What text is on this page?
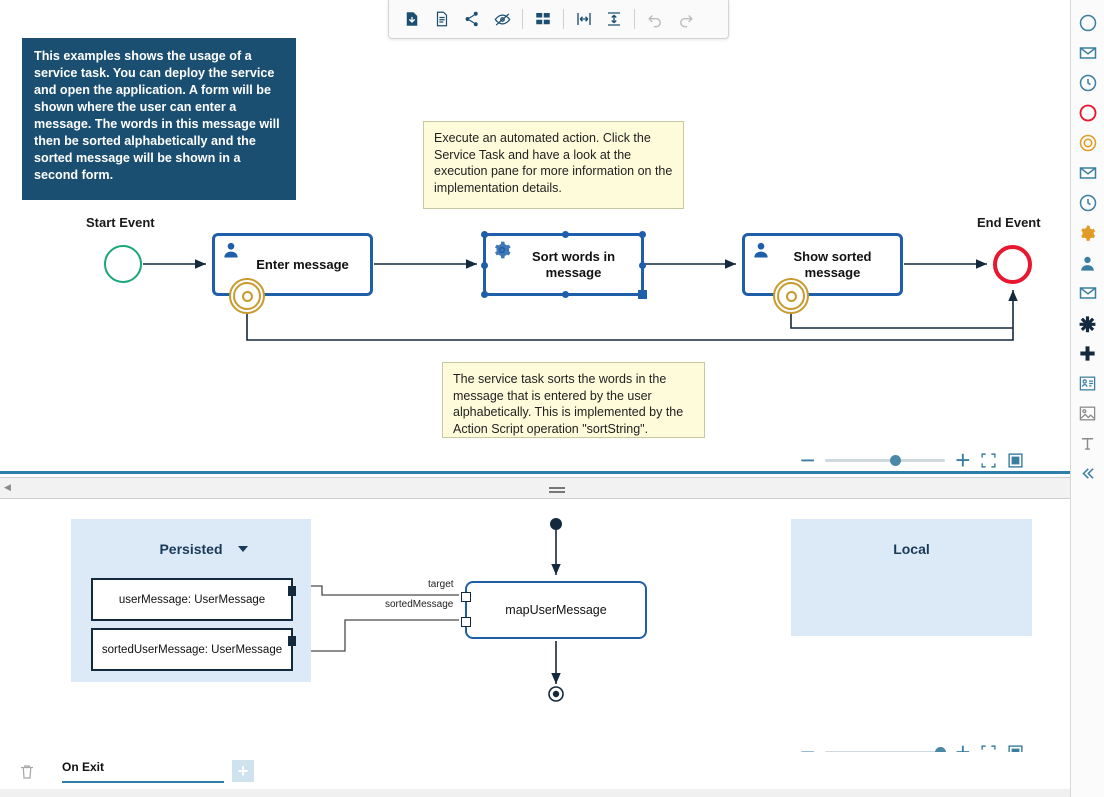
This examples shows the usage of a service task. You can deploy the service and open the application. A form will be shown where the user can enter a message. The words in this message will then be sorted alphabetically and the sorted message will be shown in a second form.
Execute an automated action. Click the Service Task and have a look at the execution pane for more information on the implementation details.
The service task sorts the words in the message that is entered by the user alphabetically. This is implemented by the Action Script operation "sortString".
Start Event	End Event
Enter message
Sort words in message
Show sorted message
−	+
◀
Persisted	Local
userMessage: UserMessage
sortedUserMessage: UserMessage
mapUserMessage
target
sortedMessage
On Exit	+
